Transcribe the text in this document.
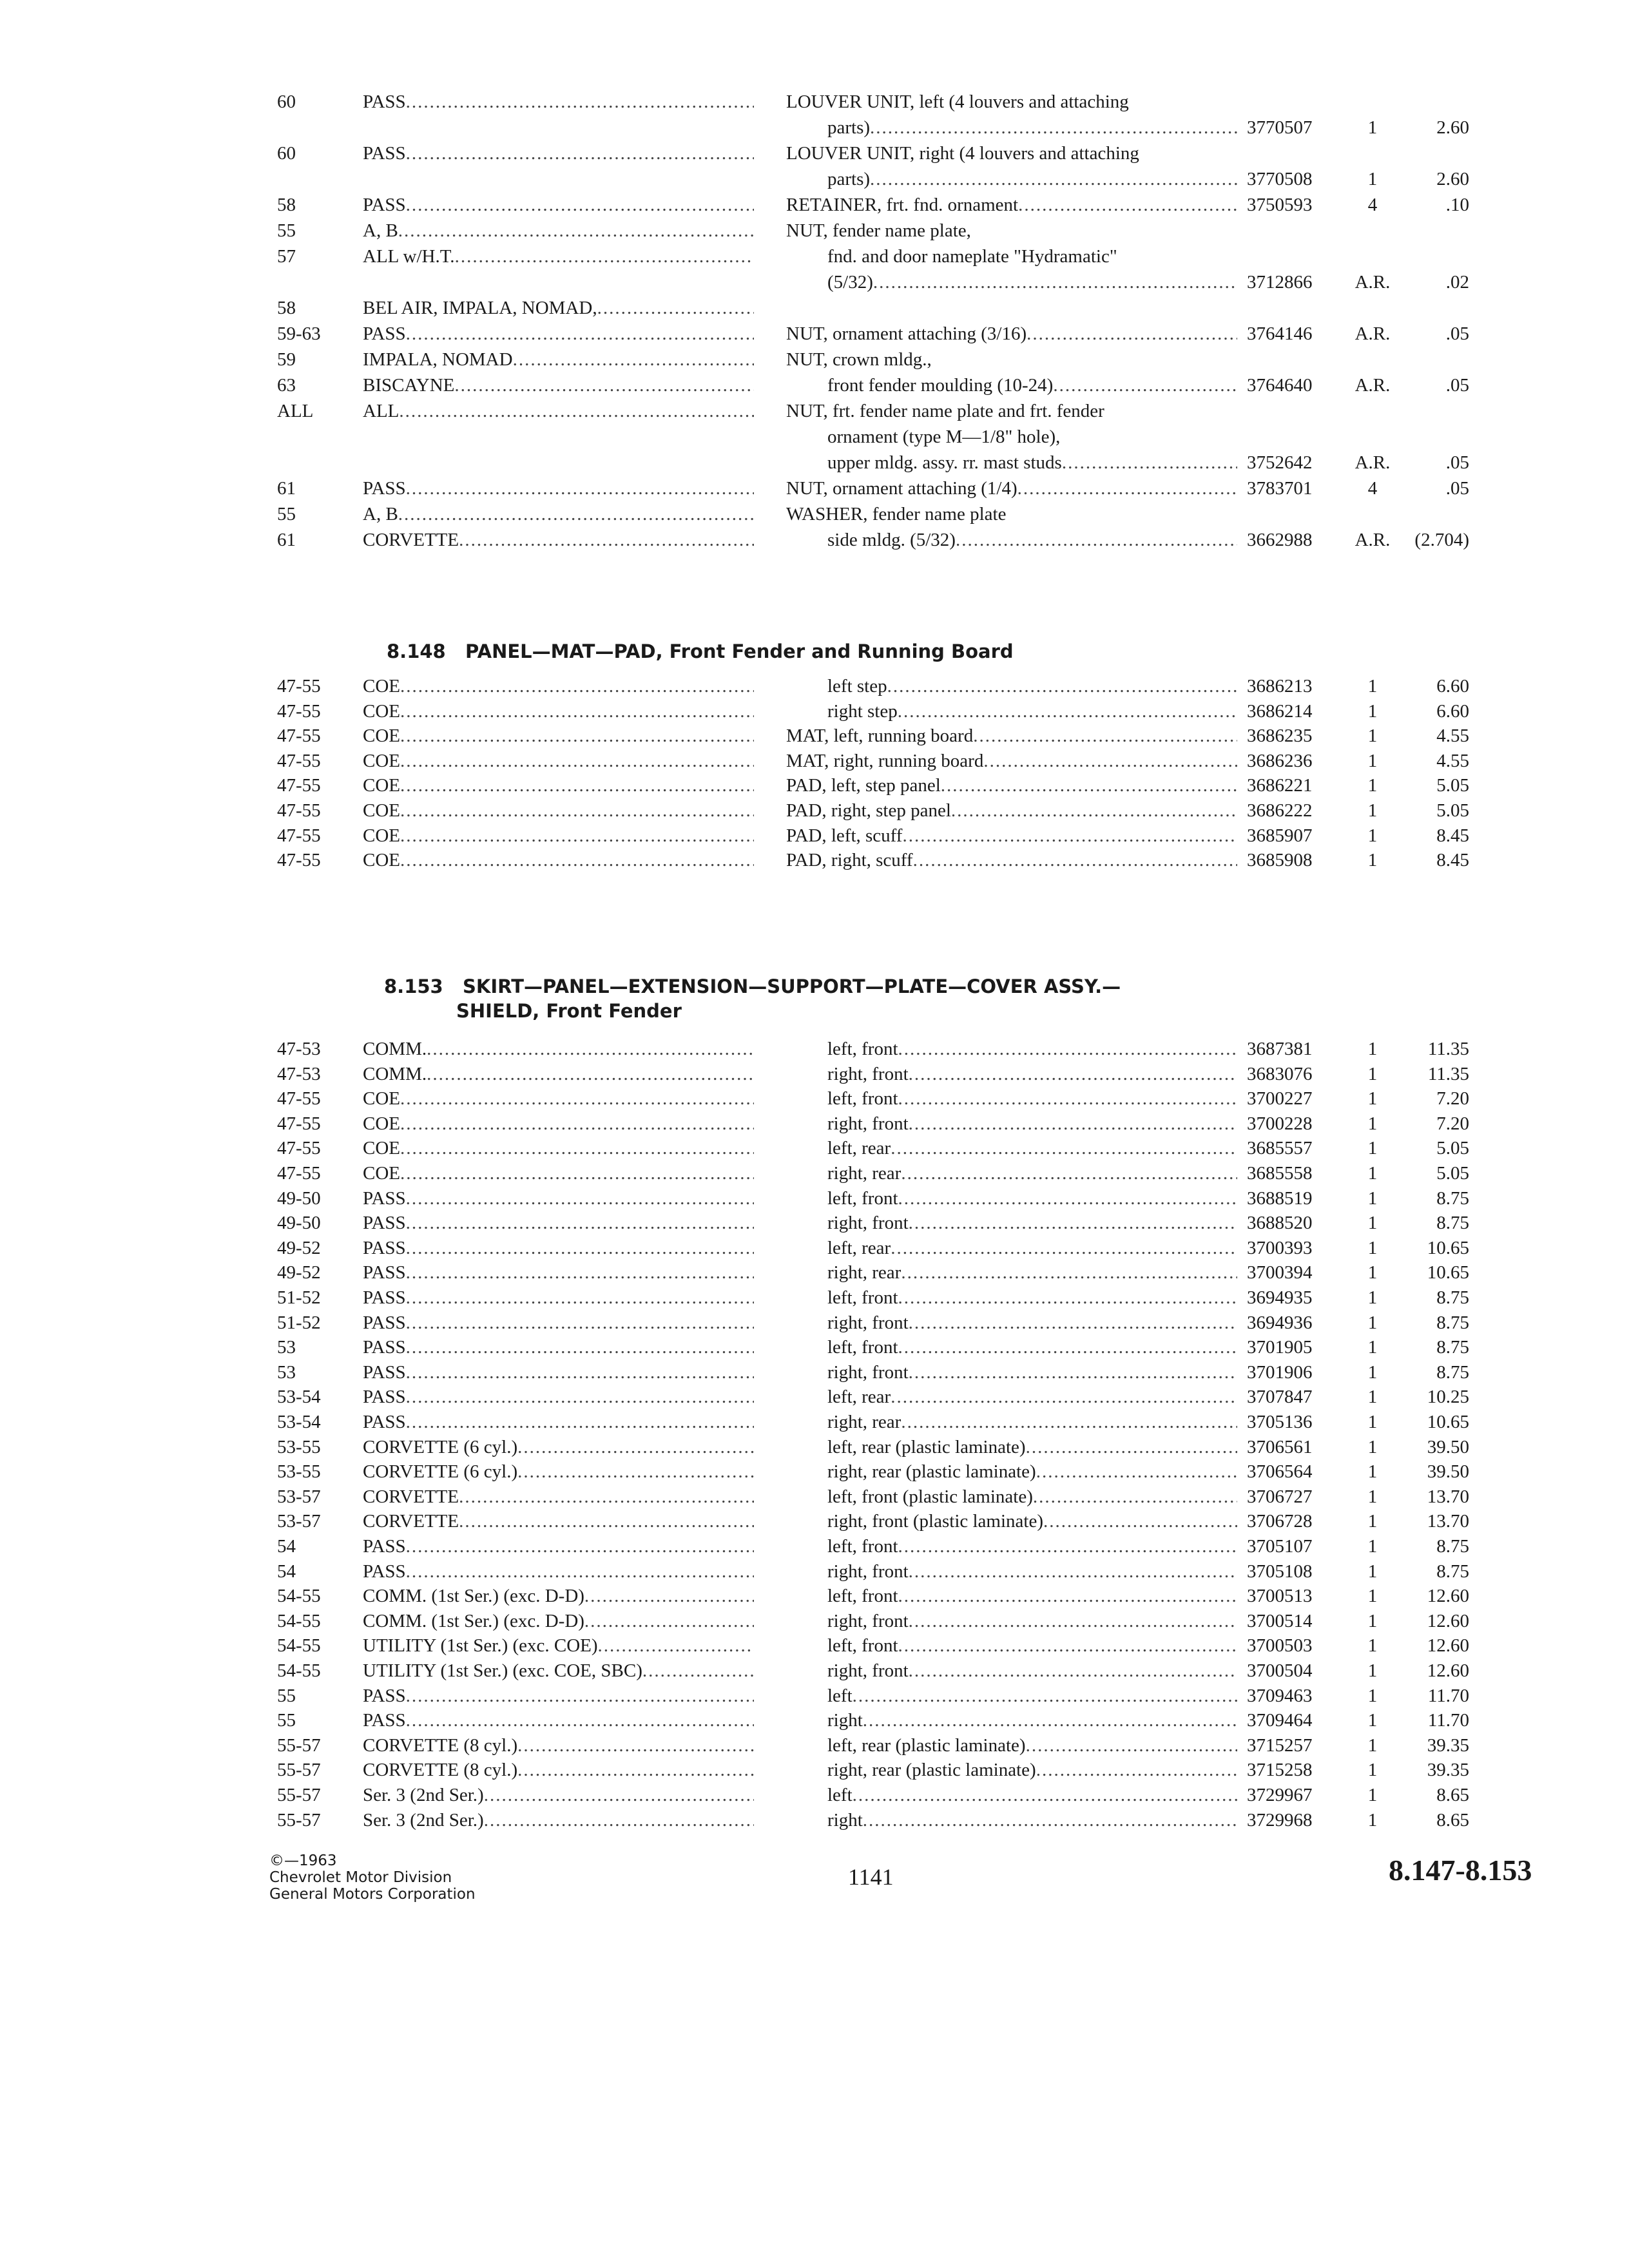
60	PASS .....	LOUVER UNIT, left (4 louvers and attaching
parts) .....	3770507	1	2.60
60	PASS .....	LOUVER UNIT, right (4 louvers and attaching
parts) .....	3770508	1	2.60
58	PASS .....	RETAINER, frt. fnd. ornament .....	3750593	4	.10
55	A, B .....	NUT, fender name plate,
57	ALL w/H.T. .....	fnd. and door nameplate "Hydramatic"
(5/32) .....	3712866	A.R.	.02
58	BEL AIR, IMPALA, NOMAD, .....
59-63 PASS .....	NUT, ornament attaching (3/16) .....	3764146	A.R.	.05
59	IMPALA, NOMAD .....	NUT, crown mldg.,
63	BISCAYNE .....	front fender moulding (10-24) .....	3764640	A.R.	.05
ALL	ALL .....	NUT, frt. fender name plate and frt. fender
ornament (type M—1/8" hole),
upper mldg. assy. rr. mast studs .....	3752642	A.R.	.05
61	PASS .....	NUT, ornament attaching (1/4) .....	3783701	4	.05
55	A, B .....	WASHER, fender name plate
61	CORVETTE .....	side mldg. (5/32) .....	3662988	A.R.	(2.704)
8.148 PANEL—MAT—PAD, Front Fender and Running Board
47-55 COE .....	left step .....	3686213	1	6.60
47-55 COE .....	right step .....	3686214	1	6.60
47-55 COE .....	MAT, left, running board .....	3686235	1	4.55
47-55 COE .....	MAT, right, running board .....	3686236	1	4.55
47-55 COE .....	PAD, left, step panel .....	3686221	1	5.05
47-55 COE .....	PAD, right, step panel .....	3686222	1	5.05
47-55 COE .....	PAD, left, scuff .....	3685907	1	8.45
47-55 COE .....	PAD, right, scuff .....	3685908	1	8.45
8.153 SKIRT—PANEL—EXTENSION—SUPPORT—PLATE—COVER ASSY.—
SHIELD, Front Fender
47-53 COMM. .....	left, front .....	3687381	1	11.35
47-53 COMM. .....	right, front .....	3683076	1	11.35
47-55 COE .....	left, front .....	3700227	1	7.20
47-55 COE .....	right, front .....	3700228	1	7.20
47-55 COE .....	left, rear .....	3685557	1	5.05
47-55 COE .....	right, rear .....	3685558	1	5.05
49-50 PASS .....	left, front .....	3688519	1	8.75
49-50 PASS .....	right, front .....	3688520	1	8.75
49-52 PASS .....	left, rear .....	3700393	1	10.65
49-52 PASS .....	right, rear .....	3700394	1	10.65
51-52 PASS .....	left, front .....	3694935	1	8.75
51-52 PASS .....	right, front .....	3694936	1	8.75
53	PASS .....	left, front .....	3701905	1	8.75
53	PASS .....	right, front .....	3701906	1	8.75
53-54 PASS .....	left, rear .....	3707847	1	10.25
53-54 PASS .....	right, rear .....	3705136	1	10.65
53-55 CORVETTE (6 cyl.) .....	left, rear (plastic laminate) .....	3706561	1	39.50
53-55 CORVETTE (6 cyl.) .....	right, rear (plastic laminate) .....	3706564	1	39.50
53-57 CORVETTE .....	left, front (plastic laminate) .....	3706727	1	13.70
53-57 CORVETTE .....	right, front (plastic laminate) .....	3706728	1	13.70
54	PASS .....	left, front .....	3705107	1	8.75
54	PASS .....	right, front .....	3705108	1	8.75
54-55 COMM. (1st Ser.) (exc. D-D) .....	left, front .....	3700513	1	12.60
54-55 COMM. (1st Ser.) (exc. D-D) .....	right, front .....	3700514	1	12.60
54-55 UTILITY (1st Ser.) (exc. COE) .....	left, front .....	3700503	1	12.60
54-55 UTILITY (1st Ser.) (exc. COE, SBC) .....	right, front .....	3700504	1	12.60
55	PASS .....	left .....	3709463	1	11.70
55	PASS .....	right .....	3709464	1	11.70
55-57 CORVETTE (8 cyl.) .....	left, rear (plastic laminate) .....	3715257	1	39.35
55-57 CORVETTE (8 cyl.) .....	right, rear (plastic laminate) .....	3715258	1	39.35
55-57 Ser. 3 (2nd Ser.) .....	left .....	3729967	1	8.65
55-57 Ser. 3 (2nd Ser.) .....	right .....	3729968	1	8.65
©—1963
Chevrolet Motor Division
General Motors Corporation
1141	8.147-8.153
